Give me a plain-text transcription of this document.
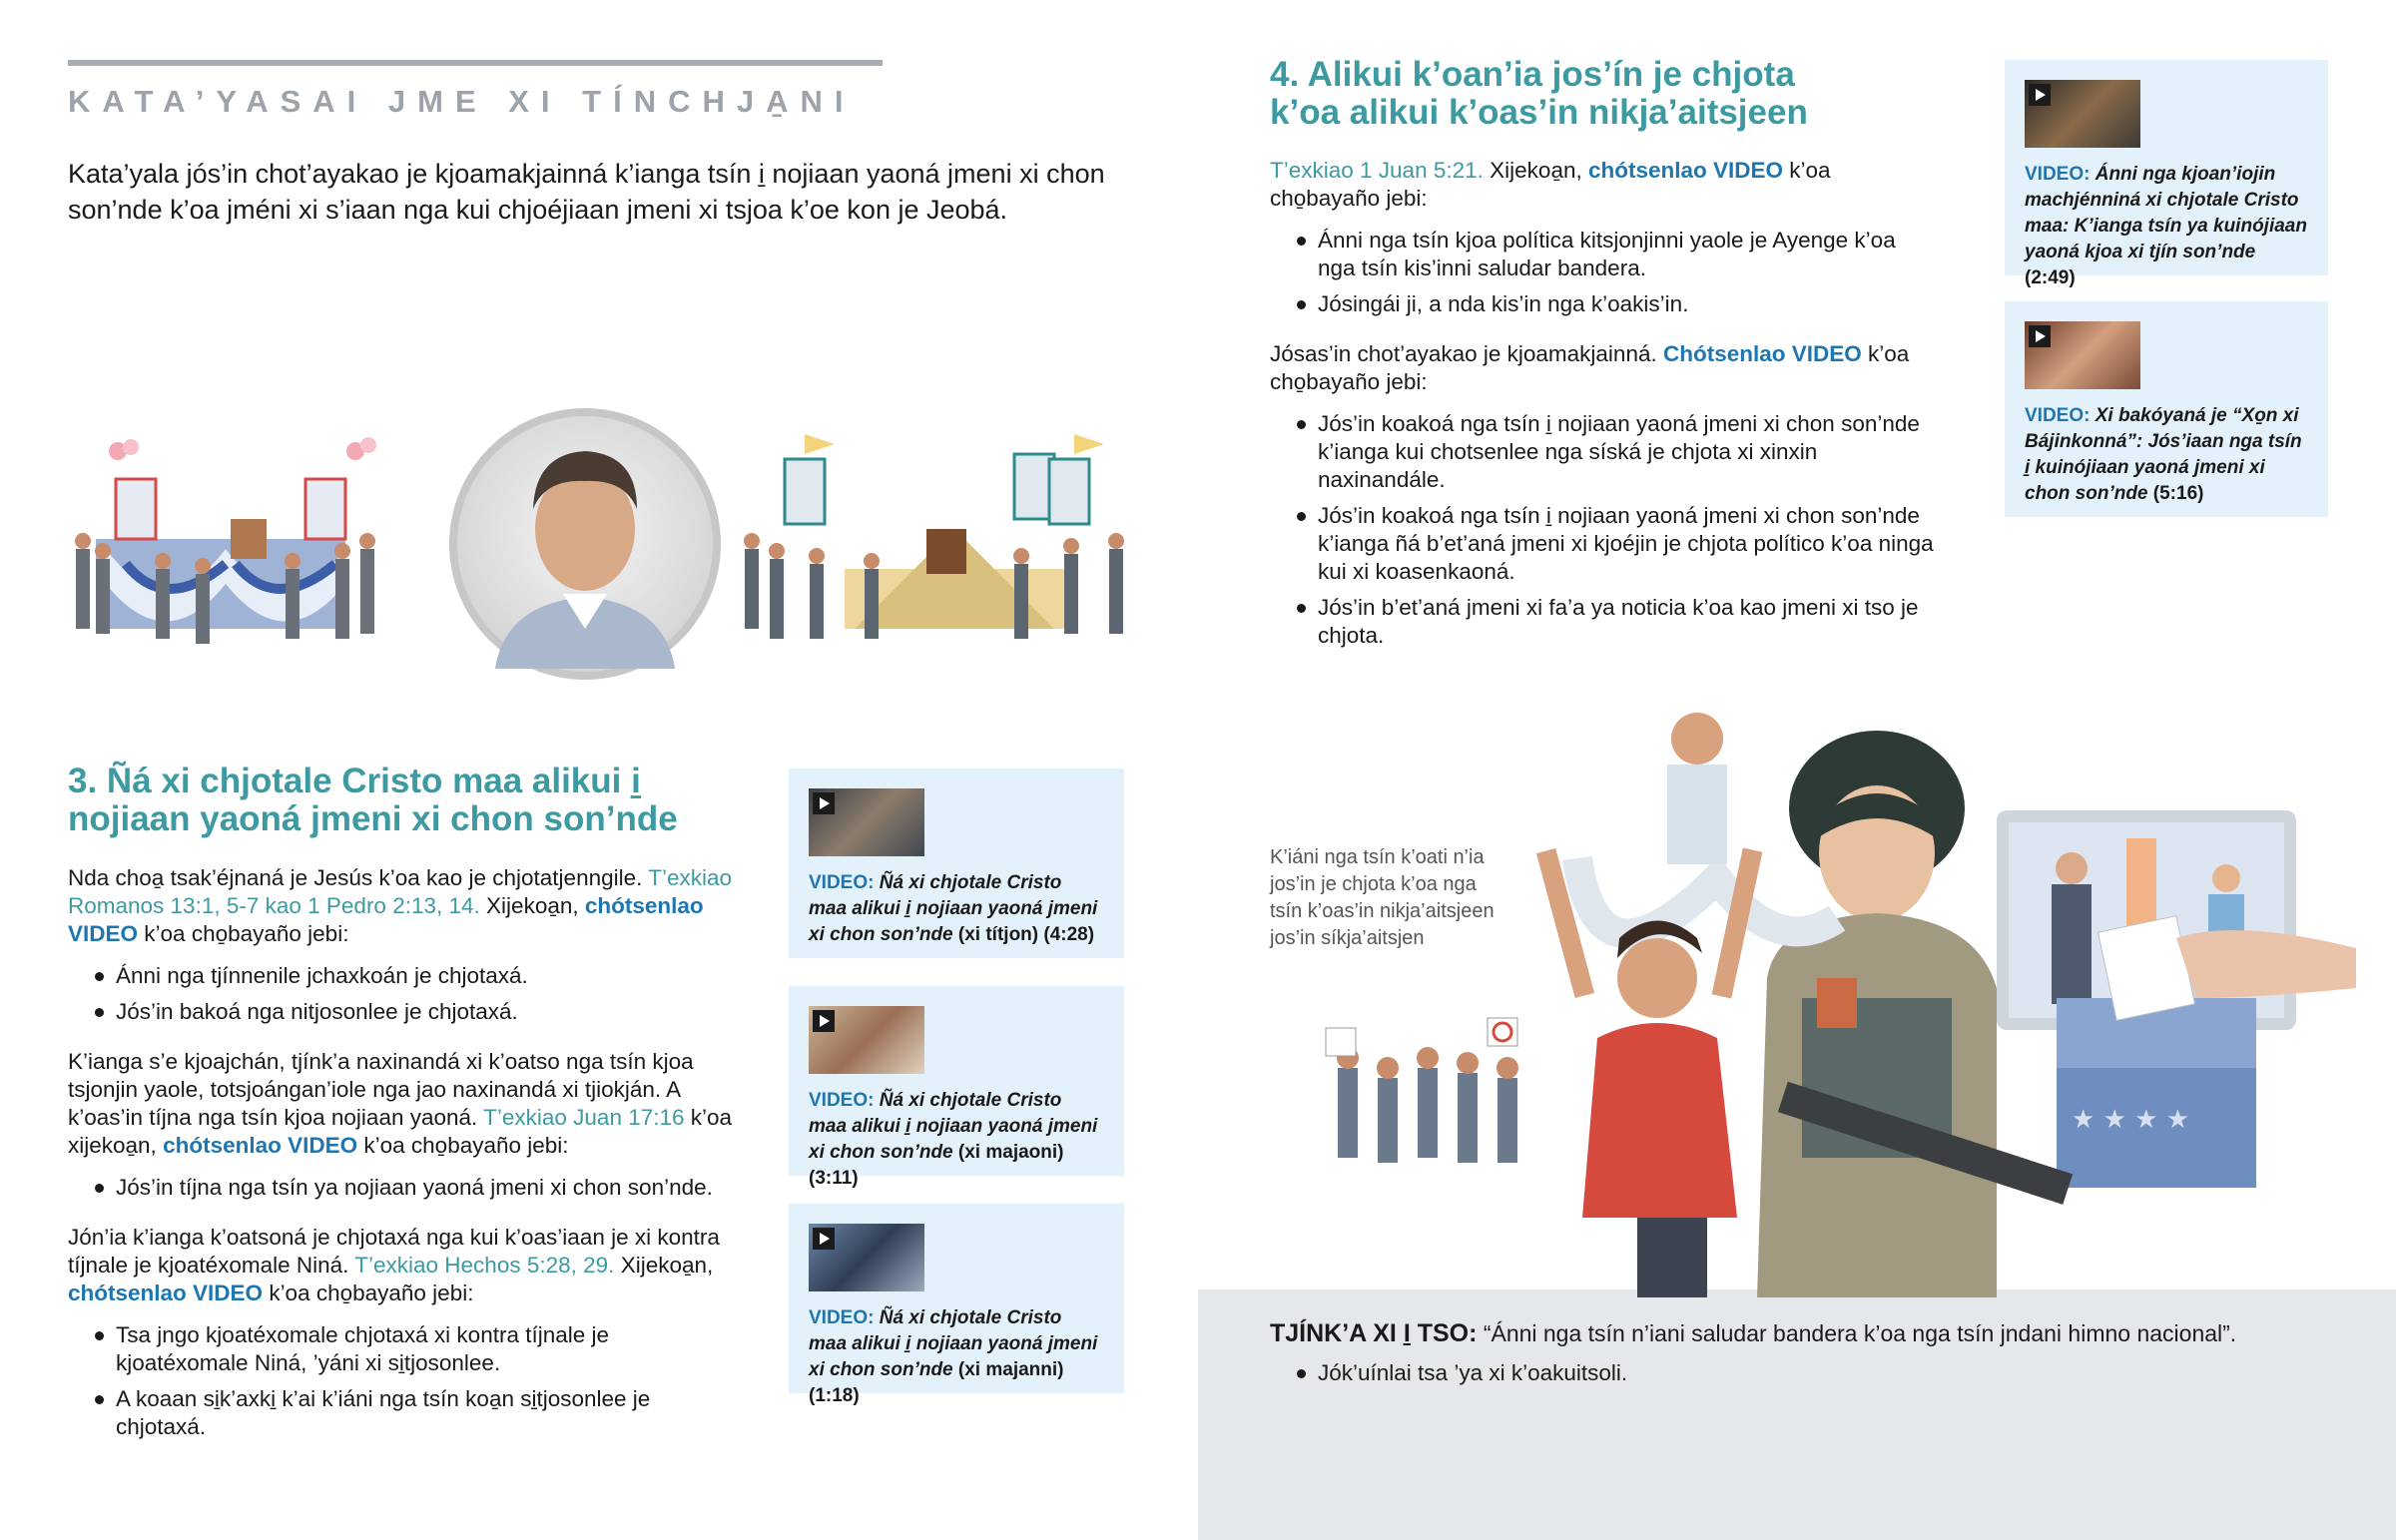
KATA’YASAI JME XI TÍNCHJA̱NI

Kata’yala jós’in chot’ayakao je kjoamakjainná k’ianga tsín i̱ nojiaan yaoná jmeni xi chon son’nde k’oa jméni xi s’iaan nga kui chjoéjiaan jmeni xi tsjoa k’oe kon je Jeobá.

3. Ñá xi chjotale Cristo maa alikui i̱
nojiaan yaoná jmeni xi chon son’nde

Nda choa̱ tsak’éjnaná je Jesús k’oa kao je chjotatjenngile. T’exkiao Romanos 13:1, 5-7 kao 1 Pedro 2:13, 14. Xijekoa̱n, chótsenlao VIDEO k’oa cho̱bayaño jebi:

Ánni nga tjínnenile jchaxkoán je chjotaxá.
Jós’in bakoá nga nitjosonlee je chjotaxá.

K’ianga s’e kjoajchán, tjínk’a naxinandá xi k’oatso nga tsín kjoa tsjonjin yaole, totsjoángan’iole nga jao naxinandá xi tjiokján. A k’oas’in tíjna nga tsín kjoa nojiaan yaoná. T’exkiao Juan 17:16 k’oa xijekoa̱n, chótsenlao VIDEO k’oa cho̱bayaño jebi:

Jós’in tíjna nga tsín ya nojiaan yaoná jmeni xi chon son’nde.

Jón’ia k’ianga k’oatsoná je chjotaxá nga kui k’oas’iaan je xi kontra tíjnale je kjoatéxomale Niná. T’exkiao Hechos 5:28, 29. Xijekoa̱n, chótsenlao VIDEO k’oa cho̱bayaño jebi:

Tsa jngo kjoatéxomale chjotaxá xi kontra tíjnale je kjoatéxomale Niná, ’yáni xi si̱tjosonlee.
A koaan si̱k’axki̱ k’ai k’iáni nga tsín koa̱n si̱tjosonlee je chjotaxá.
VIDEO: Ñá xi chjotale Cristo maa alikui i̱ nojiaan yaoná jmeni xi chon son’nde (xi títjon) (4:28)
VIDEO: Ñá xi chjotale Cristo maa alikui i̱ nojiaan yaoná jmeni xi chon son’nde (xi majaoni) (3:11)
VIDEO: Ñá xi chjotale Cristo maa alikui i̱ nojiaan yaoná jmeni xi chon son’nde (xi majanni) (1:18)
4. Alikui k’oan’ia jos’ín je chjota
k’oa alikui k’oas’in nikja’aitsjeen

T’exkiao 1 Juan 5:21. Xijekoa̱n, chótsenlao VIDEO k’oa cho̱bayaño jebi:

Ánni nga tsín kjoa política kitsjonjinni yaole je Ayenge k’oa nga tsín kis’inni saludar bandera.
Jósingái ji, a nda kis’in nga k’oakis’in.

Jósas’in chot’ayakao je kjoamakjainná. Chótsenlao VIDEO k’oa cho̱bayaño jebi:

Jós’in koakoá nga tsín i̱ nojiaan yaoná jmeni xi chon son’nde k’ianga kui chotsenlee nga síská je chjota xi xinxin naxinandále.
Jós’in koakoá nga tsín i̱ nojiaan yaoná jmeni xi chon son’nde k’ianga ñá b’et’aná jmeni xi kjoéjin je chjota político k’oa ninga kui xi koasenkaoná.
Jós’in b’et’aná jmeni xi fa’a ya noticia k’oa kao jmeni xi tso je chjota.
VIDEO: Ánni nga kjoan’iojin machjénniná xi chjotale Cristo maa: K’ianga tsín ya kuinójiaan yaoná kjoa xi tjín son’nde (2:49)
VIDEO: Xi bakóyaná je “Xo̱n xi Bájinkonná”: Jós’iaan nga tsín i̱ kuinójiaan yaoná jmeni xi chon son’nde (5:16)
★ ★ ★ ★
K’iáni nga tsín k’oati n’ia jos’in je chjota k’oa nga tsín k’oas’in nikja’aitsjeen jos’in síkja’aitsjen

TJÍNK’A XI I̱ TSO: “Ánni nga tsín n’iani saludar bandera k’oa nga tsín jndani himno nacional”.

Jók’uínlai tsa ’ya xi k’oakuitsoli.
